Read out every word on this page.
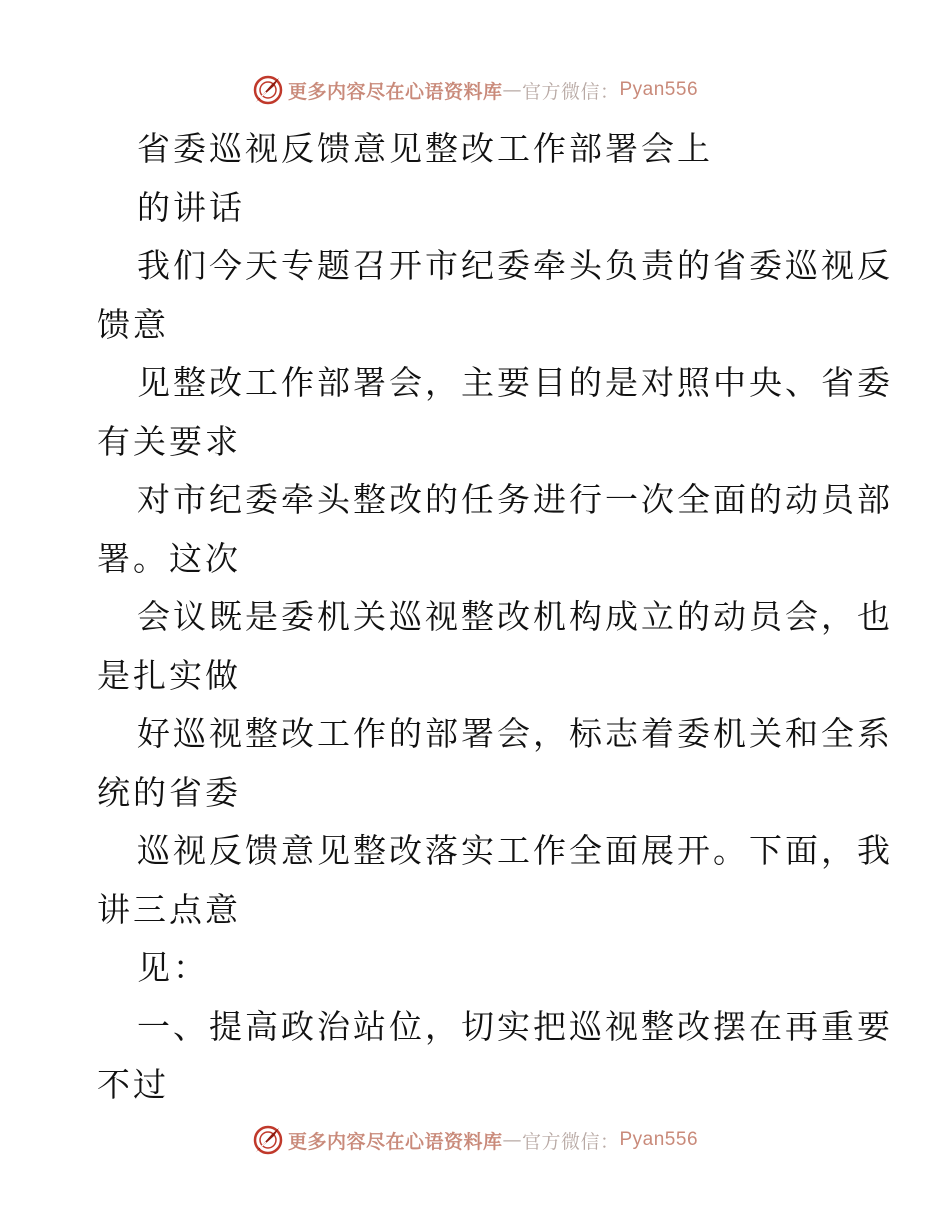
更多内容尽在心语资料库 — 官方微信： Pyan556
省委巡视反馈意见整改工作部署会上
的讲话
我们今天专题召开市纪委牵头负责的省委巡视反
馈意
见整改工作部署会，主要目的是对照中央、省委
有关要求
对市纪委牵头整改的任务进行一次全面的动员部
署。这次
会议既是委机关巡视整改机构成立的动员会，也
是扎实做
好巡视整改工作的部署会，标志着委机关和全系
统的省委
巡视反馈意见整改落实工作全面展开。下面，我
讲三点意
见：
一、提高政治站位，切实把巡视整改摆在再重要
不过
更多内容尽在心语资料库 — 官方微信： Pyan556
